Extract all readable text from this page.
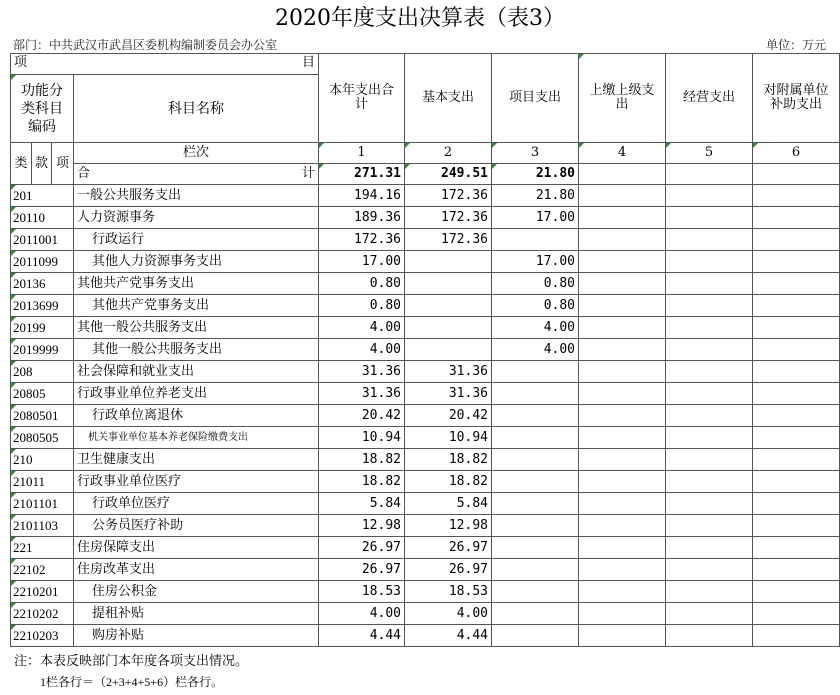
2020年度支出决算表（表3）
部门：中共武汉市武昌区委机构编制委员会办公室	单位：万元
项 目				本年支出合计	基本支出	项目支出	上缴上级支出	经营支出	对附属单位补助支出
功能分类科目编码			科目名称						

类	款	项	栏次	1	2	3	4	5	6

			合 计	271.31	249.51	21.80			
201			一般公共服务支出	194.16	172.36	21.80			
20110			人力资源事务	189.36	172.36	17.00			
2011001			行政运行	172.36	172.36				
2011099			其他人力资源事务支出	17.00		17.00			
20136			其他共产党事务支出	0.80		0.80			
2013699			其他共产党事务支出	0.80		0.80			
20199			其他一般公共服务支出	4.00		4.00			
2019999			其他一般公共服务支出	4.00		4.00			
208			社会保障和就业支出	31.36	31.36				
20805			行政事业单位养老支出	31.36	31.36				
2080501			行政单位离退休	20.42	20.42				
2080505			机关事业单位基本养老保险缴费支出	10.94	10.94				
210			卫生健康支出	18.82	18.82				
21011			行政事业单位医疗	18.82	18.82				
2101101			行政单位医疗	5.84	5.84				
2101103			公务员医疗补助	12.98	12.98				
221			住房保障支出	26.97	26.97				
22102			住房改革支出	26.97	26.97				
2210201			住房公积金	18.53	18.53				
2210202			提租补贴	4.00	4.00				
2210203			购房补贴	4.44	4.44				
注：本表反映部门本年度各项支出情况。
1栏各行＝（2+3+4+5+6）栏各行。
